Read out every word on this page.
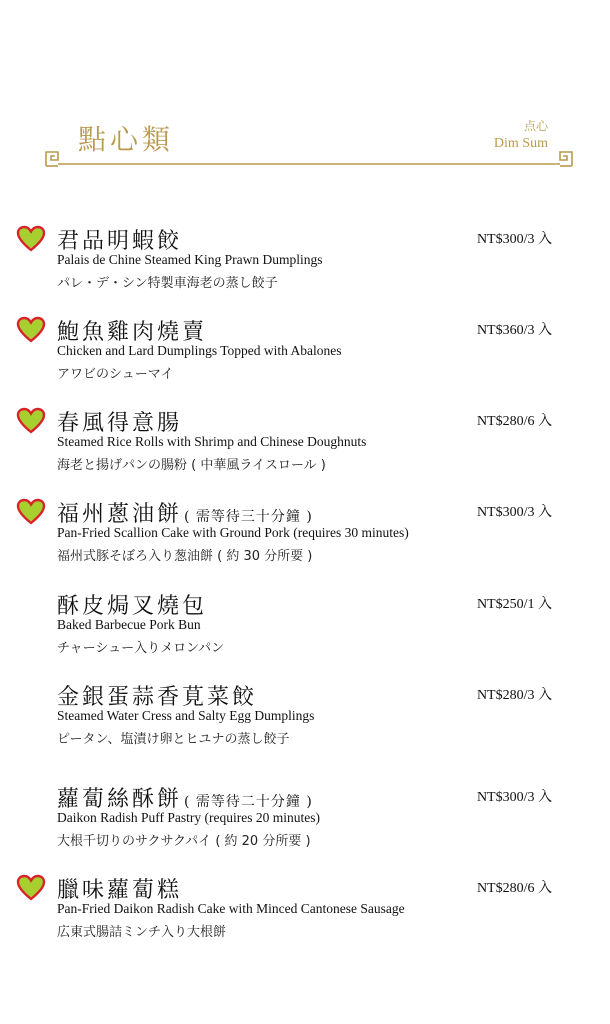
點心類	点心
Dim Sum
君品明蝦餃	NT$300/3 入
Palais de Chine Steamed King Prawn Dumplings
パレ・デ・シン特製車海老の蒸し餃子
鮑魚雞肉燒賣	NT$360/3 入
Chicken and Lard Dumplings Topped with Abalones
アワビのシューマイ
春風得意腸	NT$280/6 入
Steamed Rice Rolls with Shrimp and Chinese Doughnuts
海老と揚げパンの腸粉 ( 中華風ライスロール )
福州蔥油餅 ( 需等待三十分鐘 )	NT$300/3 入
Pan-Fried Scallion Cake with Ground Pork (requires 30 minutes)
福州式豚そぼろ入り葱油餅 ( 約 30 分所要 )
酥皮焗叉燒包	NT$250/1 入
Baked Barbecue Pork Bun
チャーシュー入りメロンパン
金銀蛋蒜香莧菜餃	NT$280/3 入
Steamed Water Cress and Salty Egg Dumplings
ピータン、塩漬け卵とヒユナの蒸し餃子
蘿蔔絲酥餅 ( 需等待二十分鐘 )	NT$300/3 入
Daikon Radish Puff Pastry (requires 20 minutes)
大根千切りのサクサクパイ ( 約 20 分所要 )
臘味蘿蔔糕	NT$280/6 入
Pan-Fried Daikon Radish Cake with Minced Cantonese Sausage
広東式腸詰ミンチ入り大根餅
